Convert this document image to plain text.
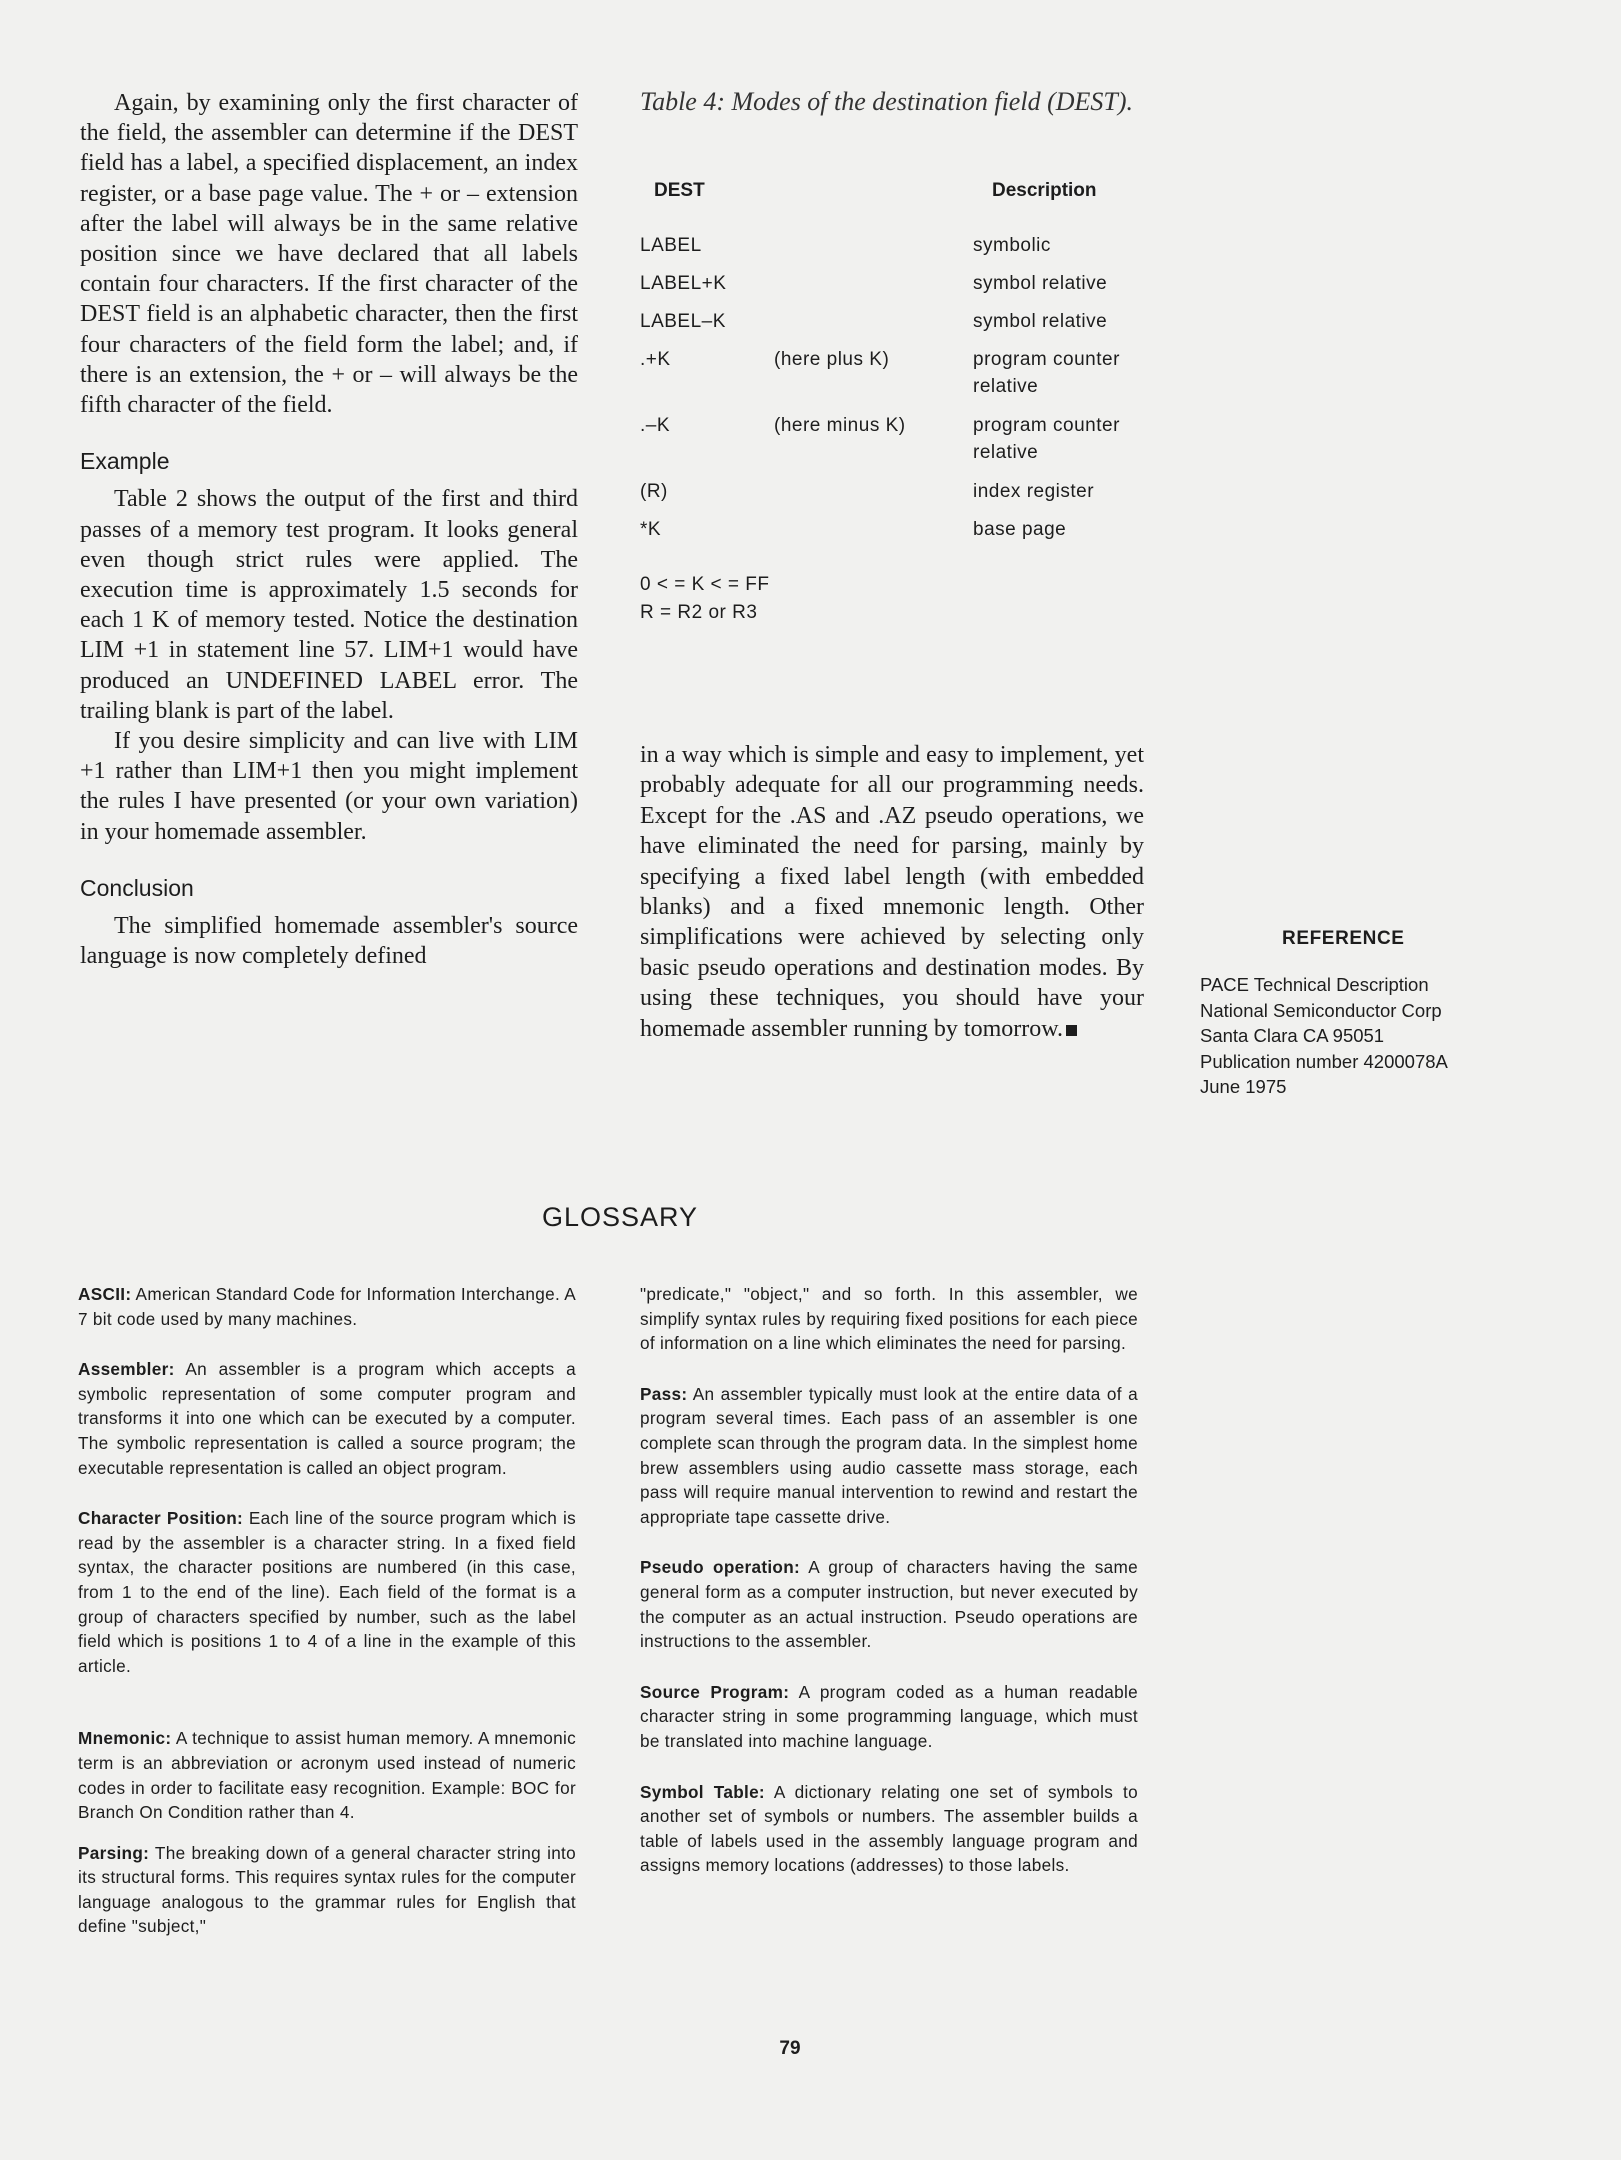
Again, by examining only the first character of the field, the assembler can determine if the DEST field has a label, a specified displacement, an index register, or a base page value. The + or – extension after the label will always be in the same relative position since we have declared that all labels contain four characters. If the first character of the DEST field is an alphabetic character, then the first four characters of the field form the label; and, if there is an extension, the + or – will always be the fifth character of the field.

Example

Table 2 shows the output of the first and third passes of a memory test program. It looks general even though strict rules were applied. The execution time is approximately 1.5 seconds for each 1 K of memory tested. Notice the destination LIM +1 in statement line 57. LIM+1 would have produced an UNDEFINED LABEL error. The trailing blank is part of the label.

If you desire simplicity and can live with LIM +1 rather than LIM+1 then you might implement the rules I have presented (or your own variation) in your homemade assembler.

Conclusion

The simplified homemade assembler's source language is now completely defined

Table 4: Modes of the destination field (DEST).

DEST	Description
LABEL	symbolic
LABEL+K	symbol relative
LABEL–K	symbol relative
.+K	(here plus K)	program counter relative
.–K	(here minus K)	program counter relative
(R)	index register
*K	base page
0 < = K < = FF
R = R2 or R3

in a way which is simple and easy to implement, yet probably adequate for all our programming needs. Except for the .AS and .AZ pseudo operations, we have eliminated the need for parsing, mainly by specifying a fixed label length (with embedded blanks) and a fixed mnemonic length. Other simplifications were achieved by selecting only basic pseudo operations and destination modes. By using these techniques, you should have your homemade assembler running by tomorrow.

REFERENCE
PACE Technical Description
National Semiconductor Corp
Santa Clara CA 95051
Publication number 4200078A
June 1975
GLOSSARY

ASCII: American Standard Code for Information Interchange. A 7 bit code used by many machines.

Assembler: An assembler is a program which accepts a symbolic representation of some computer program and transforms it into one which can be executed by a computer. The symbolic representation is called a source program; the executable representation is called an object program.

Character Position: Each line of the source program which is read by the assembler is a character string. In a fixed field syntax, the character positions are numbered (in this case, from 1 to the end of the line). Each field of the format is a group of characters specified by number, such as the label field which is positions 1 to 4 of a line in the example of this article.

Mnemonic: A technique to assist human memory. A mnemonic term is an abbreviation or acronym used instead of numeric codes in order to facilitate easy recognition. Example: BOC for Branch On Condition rather than 4.

Parsing: The breaking down of a general character string into its structural forms. This requires syntax rules for the computer language analogous to the grammar rules for English that define "subject,"

"predicate," "object," and so forth. In this assembler, we simplify syntax rules by requiring fixed positions for each piece of information on a line which eliminates the need for parsing.

Pass: An assembler typically must look at the entire data of a program several times. Each pass of an assembler is one complete scan through the program data. In the simplest home brew assemblers using audio cassette mass storage, each pass will require manual intervention to rewind and restart the appropriate tape cassette drive.

Pseudo operation: A group of characters having the same general form as a computer instruction, but never executed by the computer as an actual instruction. Pseudo operations are instructions to the assembler.

Source Program: A program coded as a human readable character string in some programming language, which must be translated into machine language.

Symbol Table: A dictionary relating one set of symbols to another set of symbols or numbers. The assembler builds a table of labels used in the assembly language program and assigns memory locations (addresses) to those labels.

79
